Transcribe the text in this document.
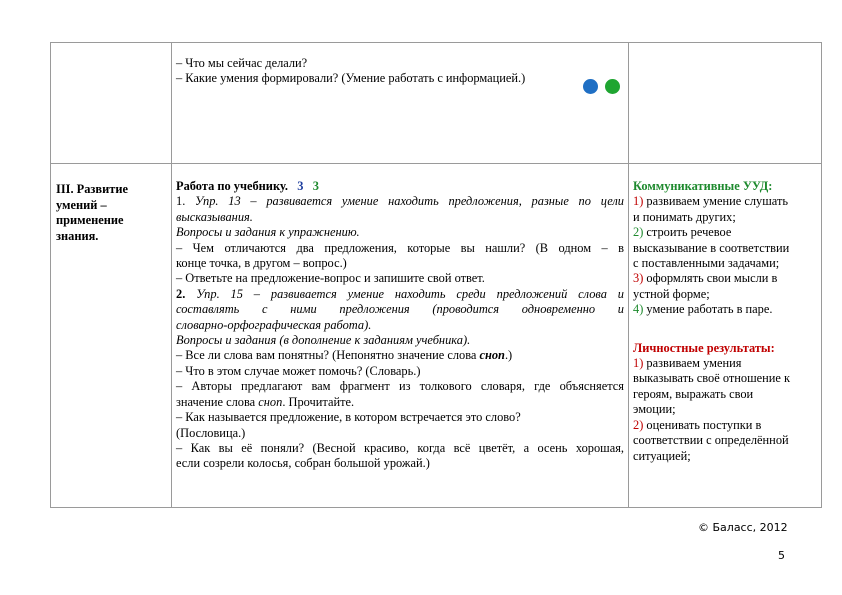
– Что мы сейчас делали?
– Какие умения формировали? (Умение работать с информацией.)
III. Развитие
умений –
применение
знания.
Работа по учебнику. 3 3
1. Упр. 13 – развивается умение находить предложения, разные по цели
высказывания.
Вопросы и задания к упражнению.
– Чем отличаются два предложения, которые вы нашли? (В одном – в
конце точка, в другом – вопрос.)
– Ответьте на предложение-вопрос и запишите свой ответ.
2. Упр. 15 – развивается умение находить среди предложений слова и
составлять с ними предложения (проводится одновременно и
словарно-орфографическая работа).
Вопросы и задания (в дополнение к заданиям учебника).
– Все ли слова вам понятны? (Непонятно значение слова сноп.)
– Что в этом случае может помочь? (Словарь.)
– Авторы предлагают вам фрагмент из толкового словаря, где объясняется
значение слова сноп. Прочитайте.
– Как называется предложение, в котором встречается это слово?
(Пословица.)
– Как вы её поняли? (Весной красиво, когда всё цветёт, а осень хорошая,
если созрели колосья, собран большой урожай.)
Коммуникативные УУД:
1) развиваем умение слушать
и понимать других;
2) строить речевое
высказывание в соответствии
с поставленными задачами;
3) оформлять свои мысли в
устной форме;
4) умение работать в паре.
Личностные результаты:
1) развиваем умения
выказывать своё отношение к
героям, выражать свои
эмоции;
2) оценивать поступки в
соответствии с определённой
ситуацией;
© Баласс, 2012
5
